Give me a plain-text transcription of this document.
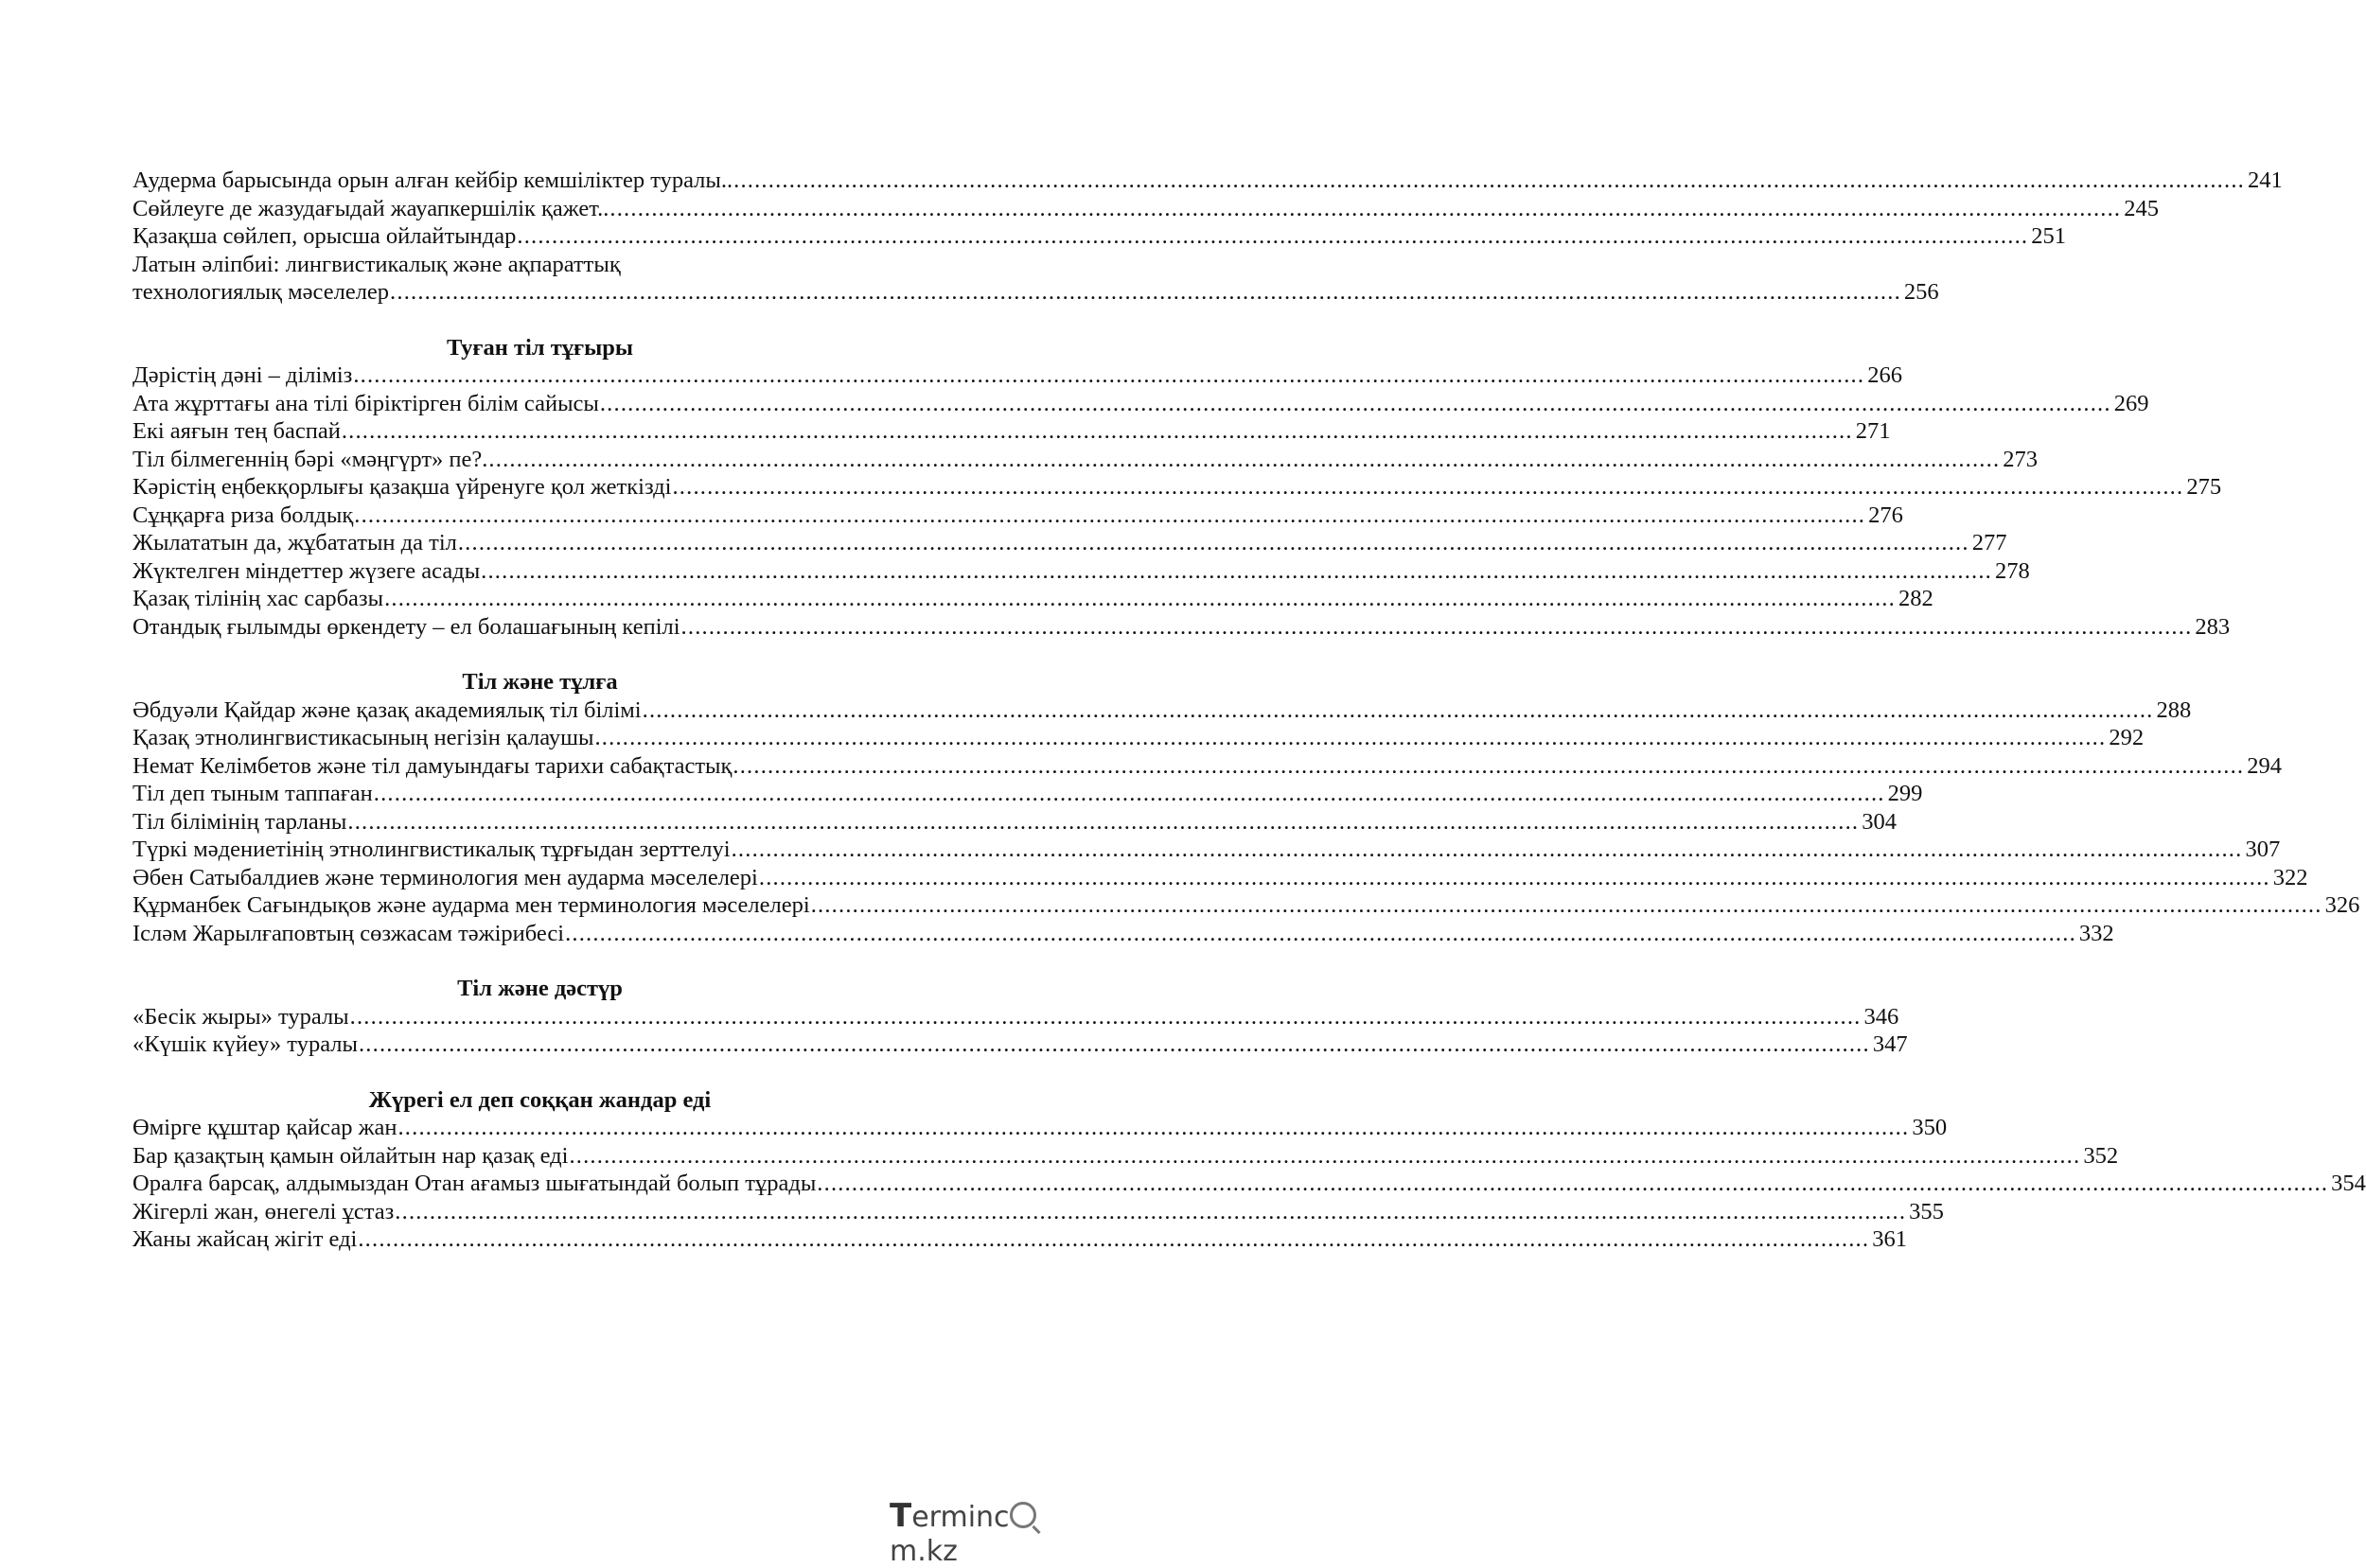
Аудерма барысында орын алған кейбір кемшіліктер туралы.. .....	241
Сөйлеуге де жазудағыдай жауапкершілік қажет.. .....	245
Қазақша сөйлеп, орысша ойлайтындар .....	251
Латын әліпбиі: лингвистикалық және ақпараттық
технологиялық мәселелер .....	256
Туған тіл тұғыры
Дәрістің дәні – діліміз .....	266
Ата жұрттағы ана тілі біріктірген білім сайысы .....	269
Екі аяғын тең баспай .....	271
Тіл білмегеннің бәрі «мәңгүрт» пе?. .....	273
Кәрістің еңбекқорлығы қазақша үйренуге қол жеткізді .....	275
Сұңқарға риза болдық .....	276
Жылататын да, жұбататын да тіл .....	277
Жүктелген міндеттер жүзеге асады .....	278
Қазақ тілінің хас сарбазы .....	282
Отандық ғылымды өркендету – ел болашағының кепілі .....	283
Тіл және тұлға
Әбдуәли Қайдар және қазақ академиялық тіл білімі .....	288
Қазақ этнолингвистикасының негізін қалаушы .....	292
Немат Келімбетов және тіл дамуындағы тарихи сабақтастық .....	294
Тіл деп тыным таппаған .....	299
Тіл білімінің тарланы .....	304
Түркі мәдениетінің этнолингвистикалық тұрғыдан зерттелуі .....	307
Әбен Сатыбалдиев және терминология мен аударма мәселелері .....	322
Құрманбек Сағындықов және аударма мен терминология мәселелері .....	326
Ісләм Жарылғаповтың сөзжасам тәжірибесі .....	332
Тіл және дәстүр
«Бесік жыры» туралы .....	346
«Күшік күйеу» туралы .....	347
Жүрегі ел деп соққан жандар еді
Өмірге құштар қайсар жан .....	350
Бар қазақтың қамын ойлайтын нар қазақ еді .....	352
Оралға барсақ, алдымыздан Отан ағамыз шығатындай болып тұрады .....	354
Жігерлі жан, өнегелі ұстаз .....	355
Жаны жайсаң жігіт еді .....	361
Termincm.kz
